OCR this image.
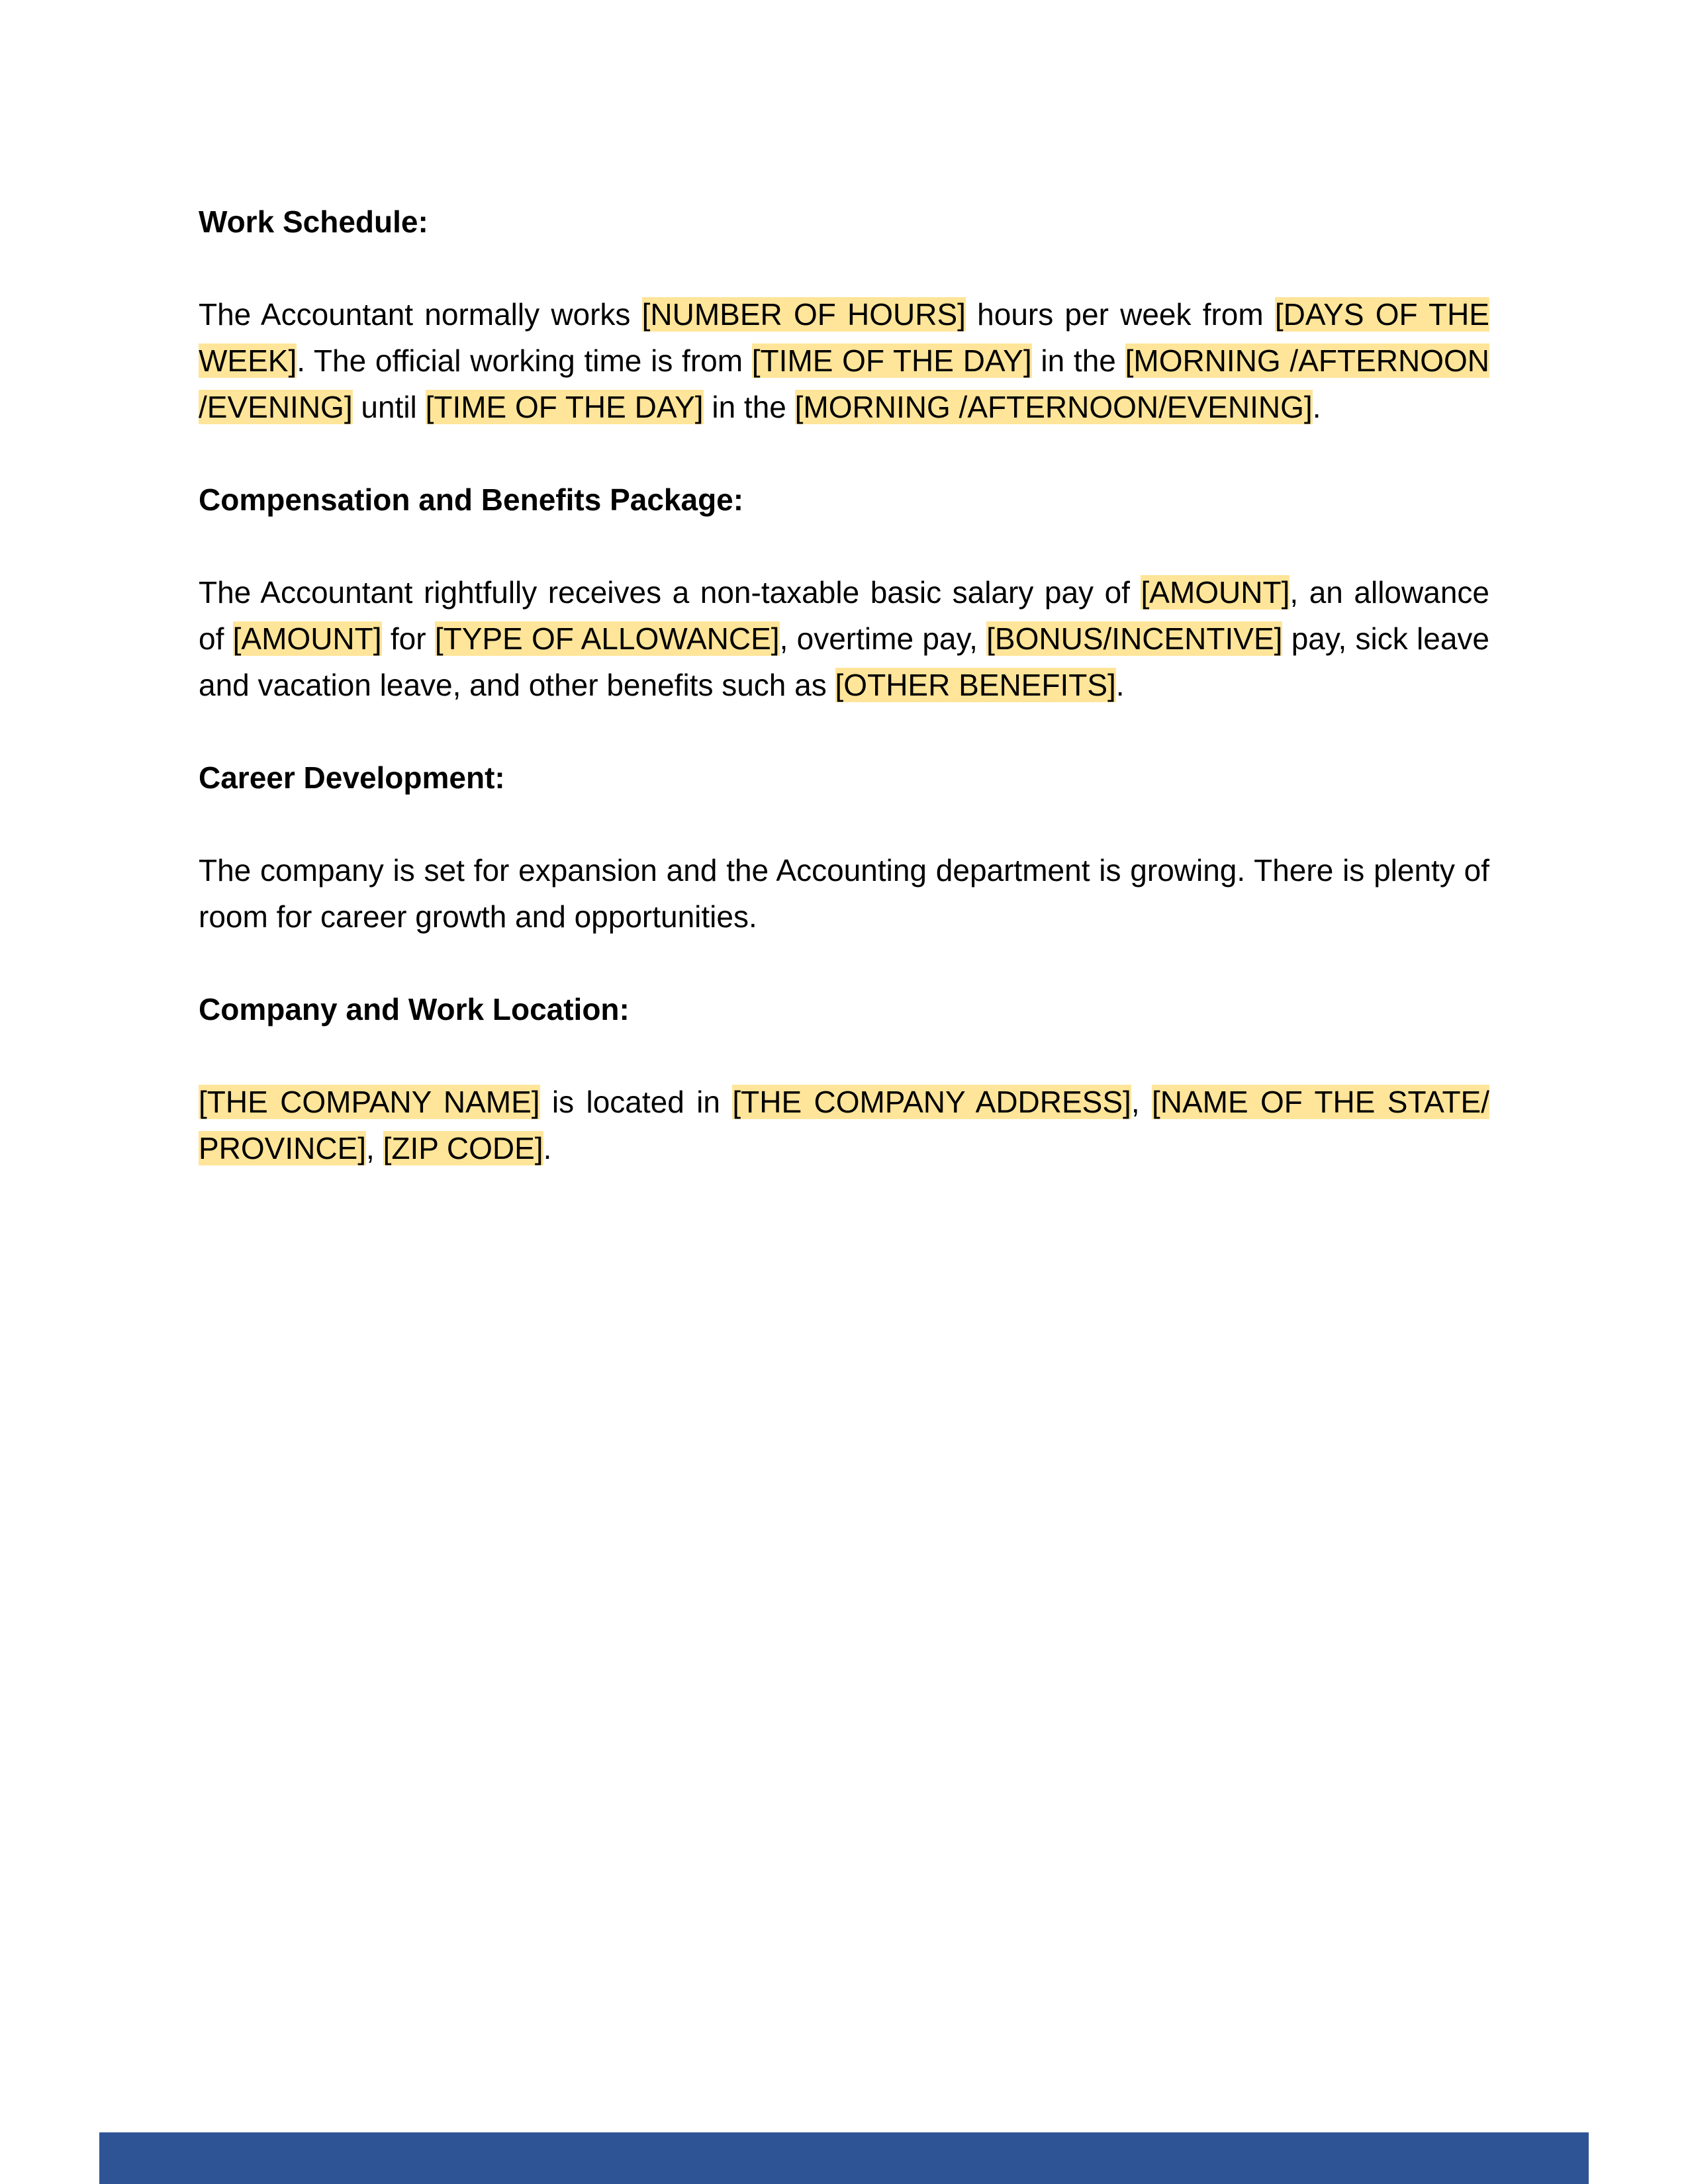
Work Schedule:

The Accountant normally works [NUMBER OF HOURS] hours per week from [DAYS OF THE WEEK]. The official working time is from [TIME OF THE DAY] in the [MORNING /AFTERNOON /EVENING] until [TIME OF THE DAY] in the [MORNING /AFTERNOON/EVENING].

Compensation and Benefits Package:

The Accountant rightfully receives a non-taxable basic salary pay of [AMOUNT], an allowance of [AMOUNT] for [TYPE OF ALLOWANCE], overtime pay, [BONUS/INCENTIVE] pay, sick leave and vacation leave, and other benefits such as [OTHER BENEFITS].

Career Development:

The company is set for expansion and the Accounting department is growing. There is plenty of room for career growth and opportunities.

Company and Work Location:

[THE COMPANY NAME] is located in [THE COMPANY ADDRESS], [NAME OF THE STATE/ PROVINCE], [ZIP CODE].
